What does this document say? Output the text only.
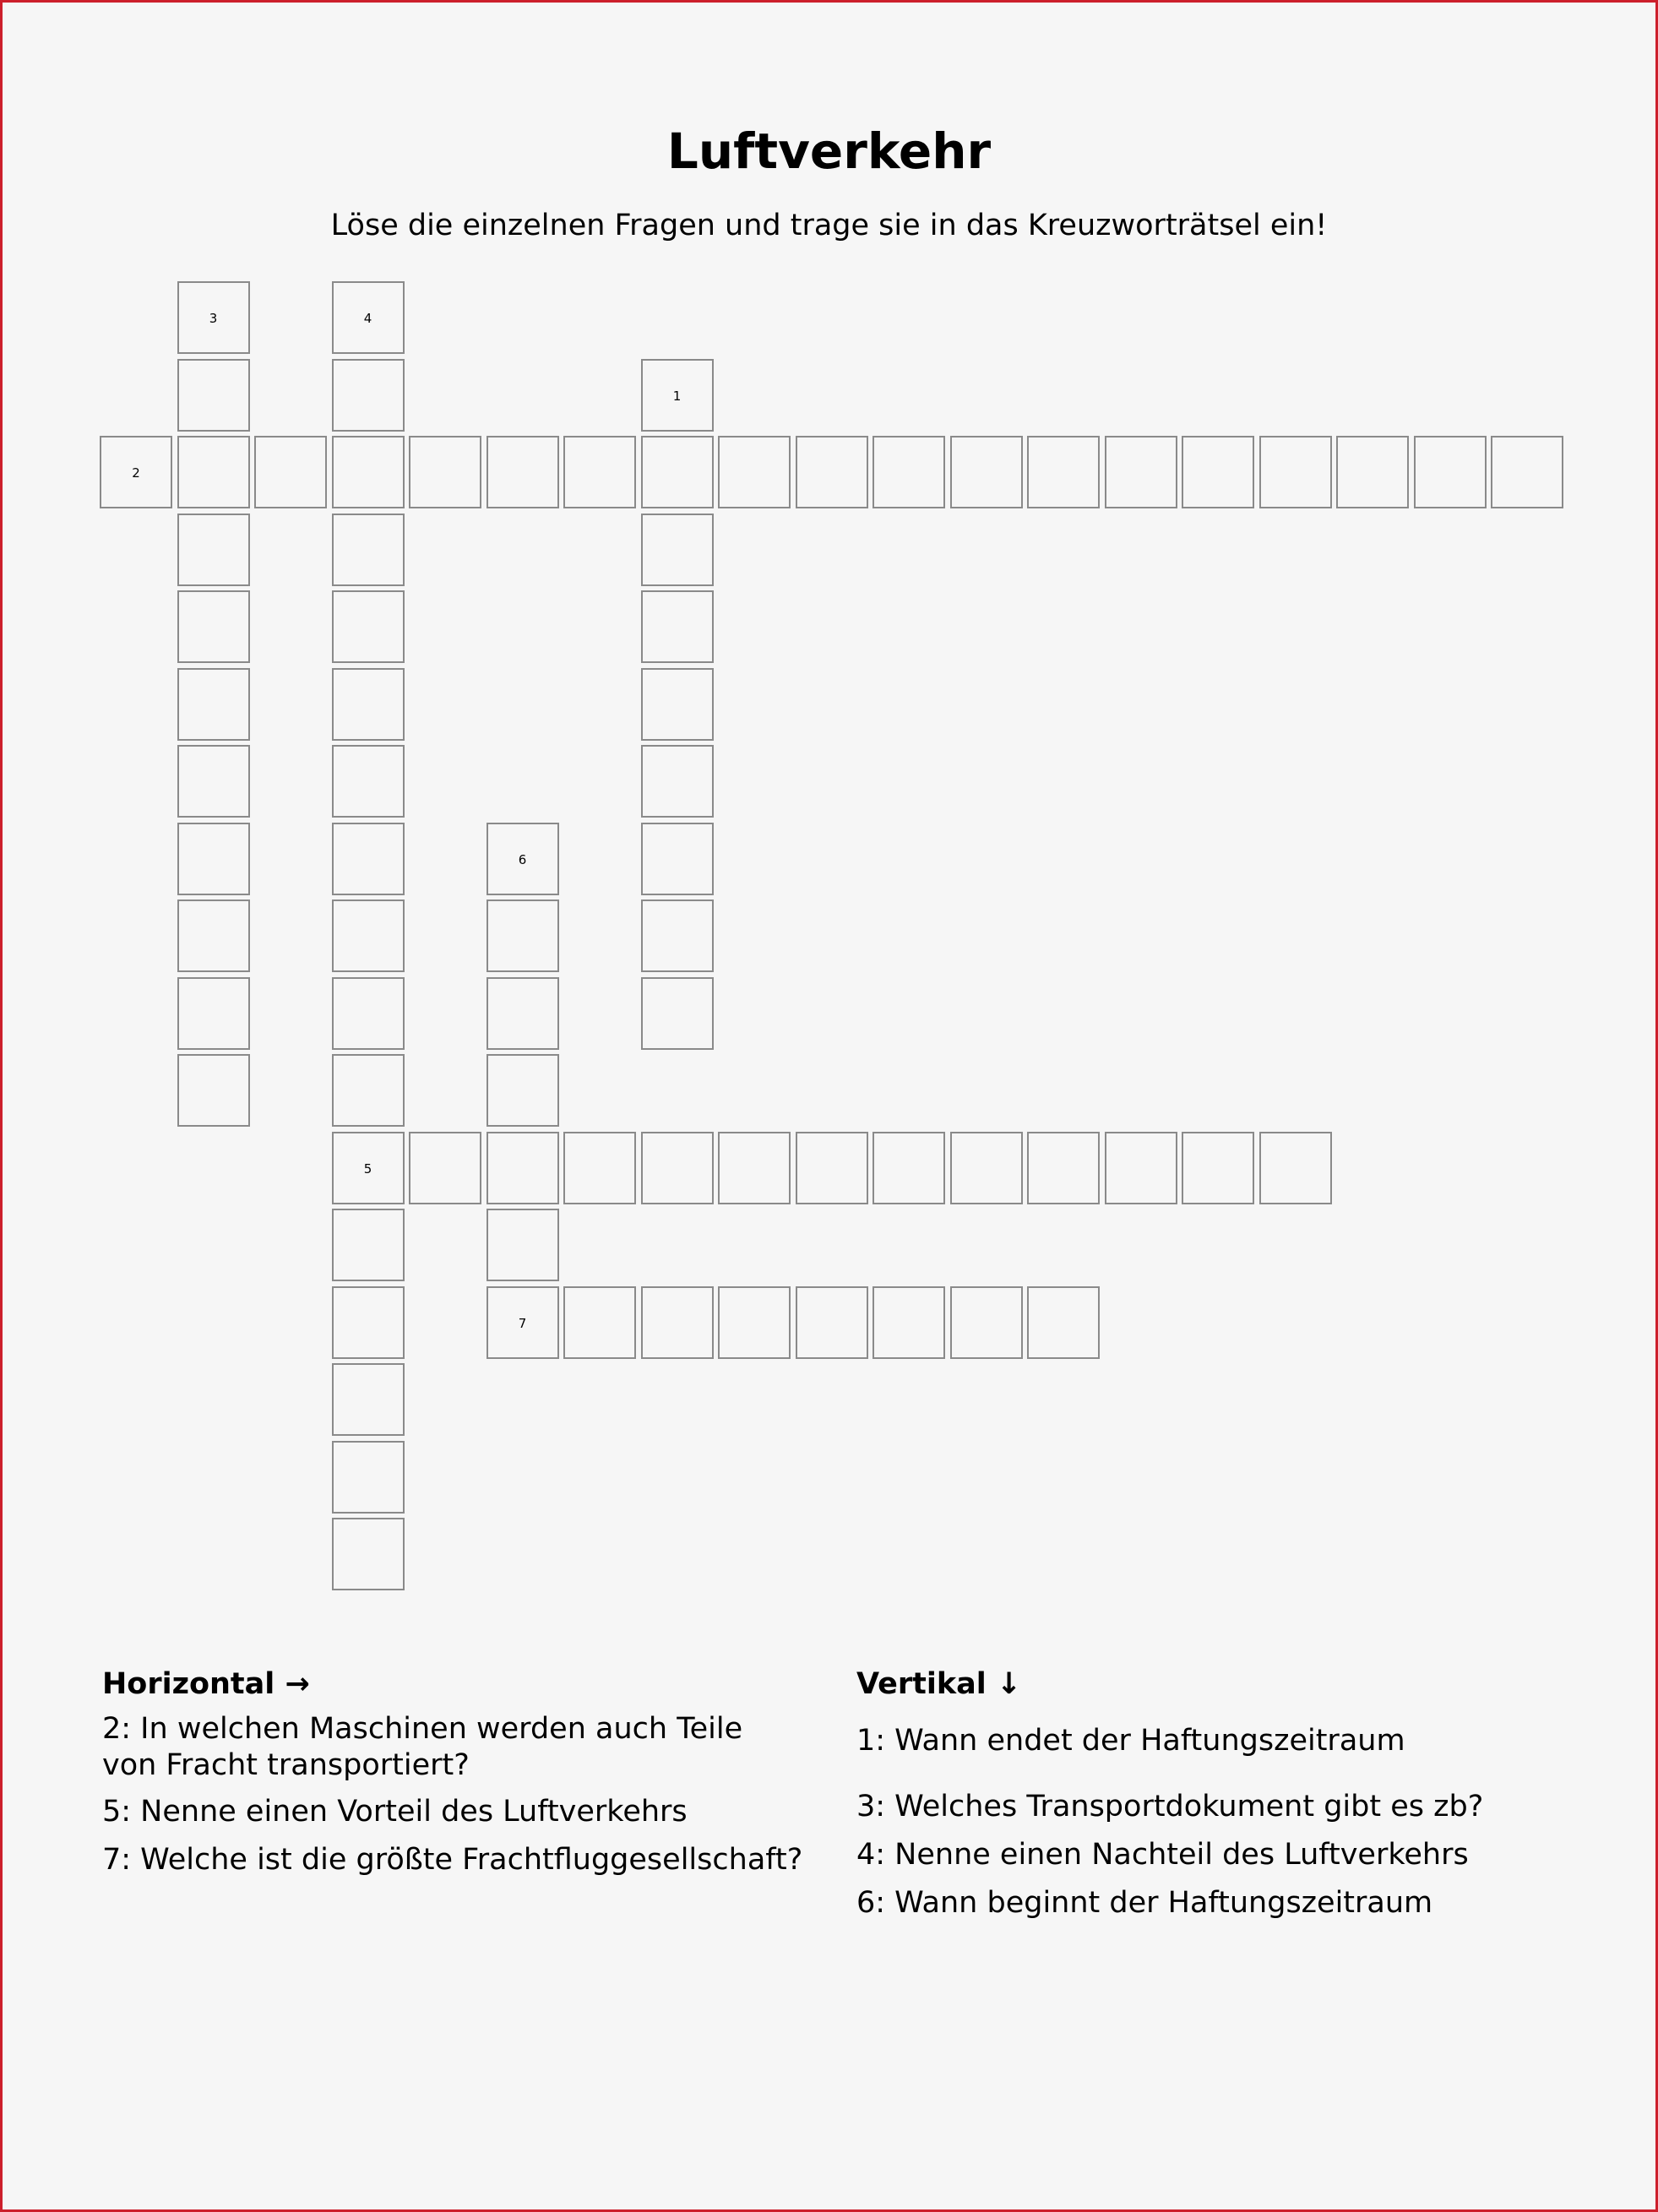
Luftverkehr

Löse die einzelnen Fragen und trage sie in das Kreuzworträtsel ein!

1
2
3	4
5
6
7
Horizontal →

2: In welchen Maschinen werden auch Teile von Fracht transportiert?

5: Nenne einen Vorteil des Luftverkehrs

7: Welche ist die größte Frachtfluggesellschaft?

Vertikal ↓

1: Wann endet der Haftungszeitraum

3: Welches Transportdokument gibt es zb?

4: Nenne einen Nachteil des Luftverkehrs

6: Wann beginnt der Haftungszeitraum
